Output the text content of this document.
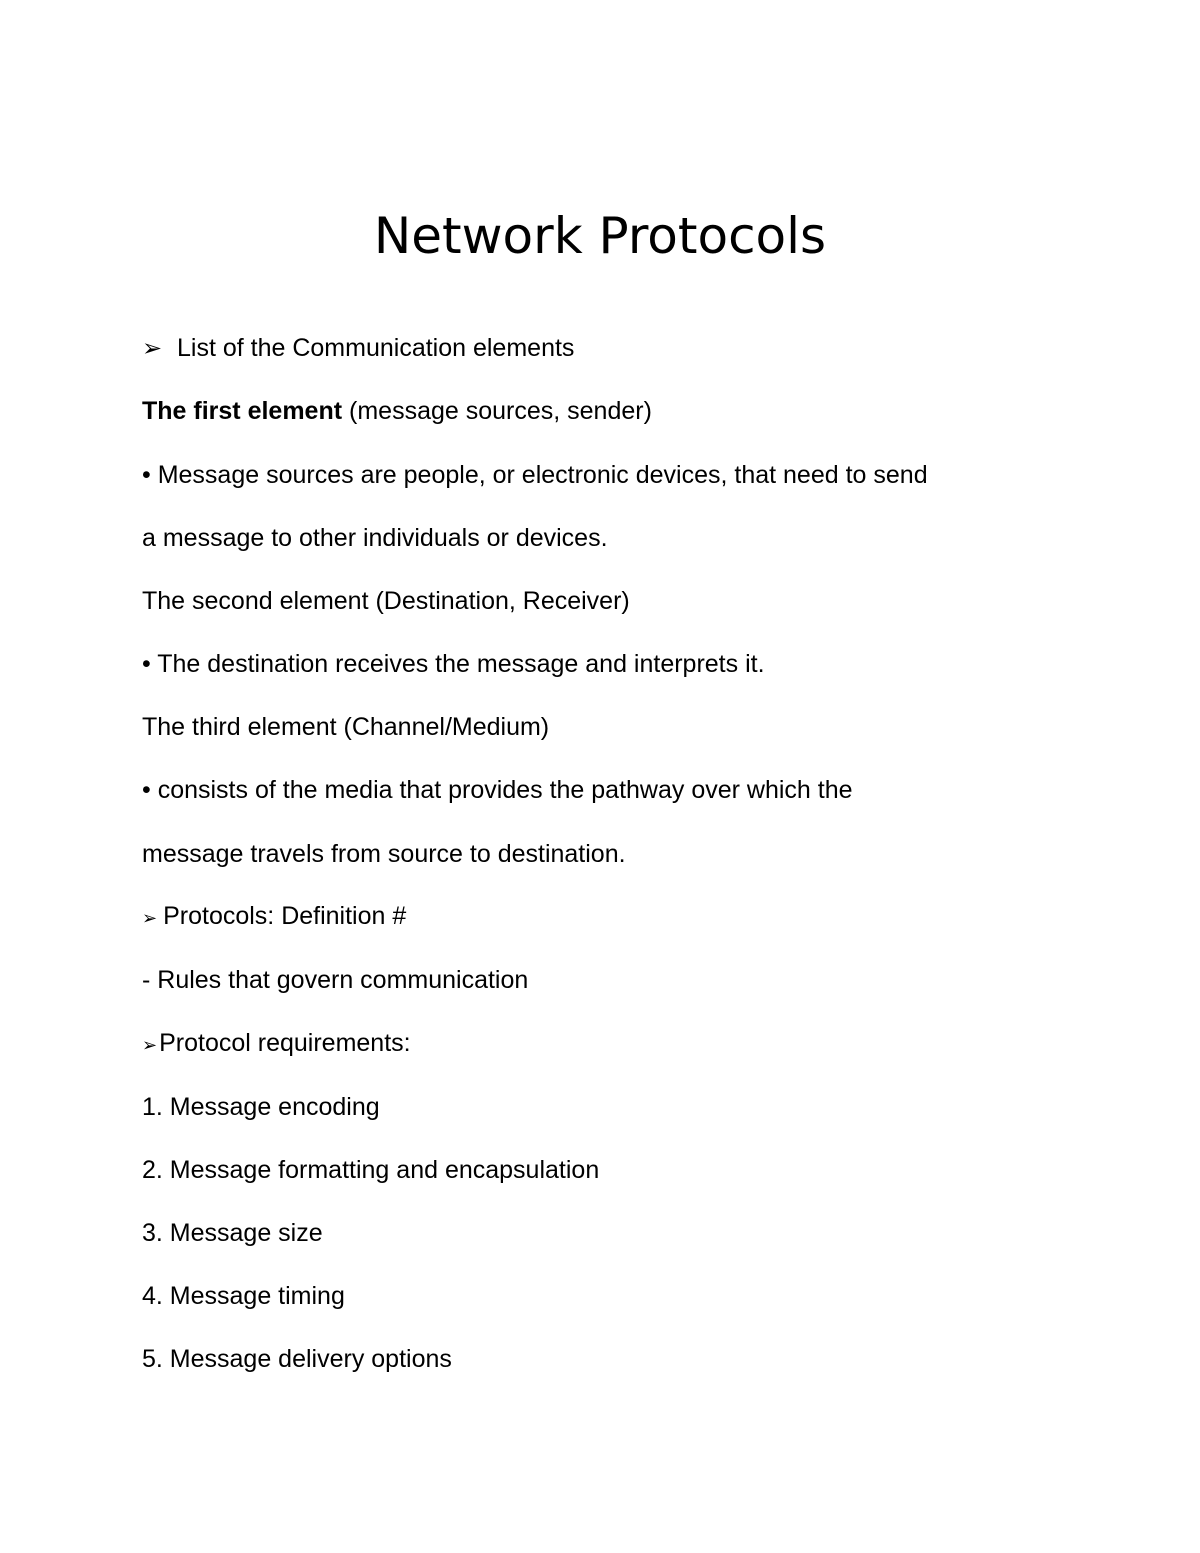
Network Protocols
➢ List of the Communication elements
The first element (message sources, sender)
• Message sources are people, or electronic devices, that need to send
a message to other individuals or devices.
The second element (Destination, Receiver)
• The destination receives the message and interprets it.
The third element (Channel/Medium)
• consists of the media that provides the pathway over which the
message travels from source to destination.
➢ Protocols: Definition #
- Rules that govern communication
➢Protocol requirements:
1. Message encoding
2. Message formatting and encapsulation
3. Message size
4. Message timing
5. Message delivery options
